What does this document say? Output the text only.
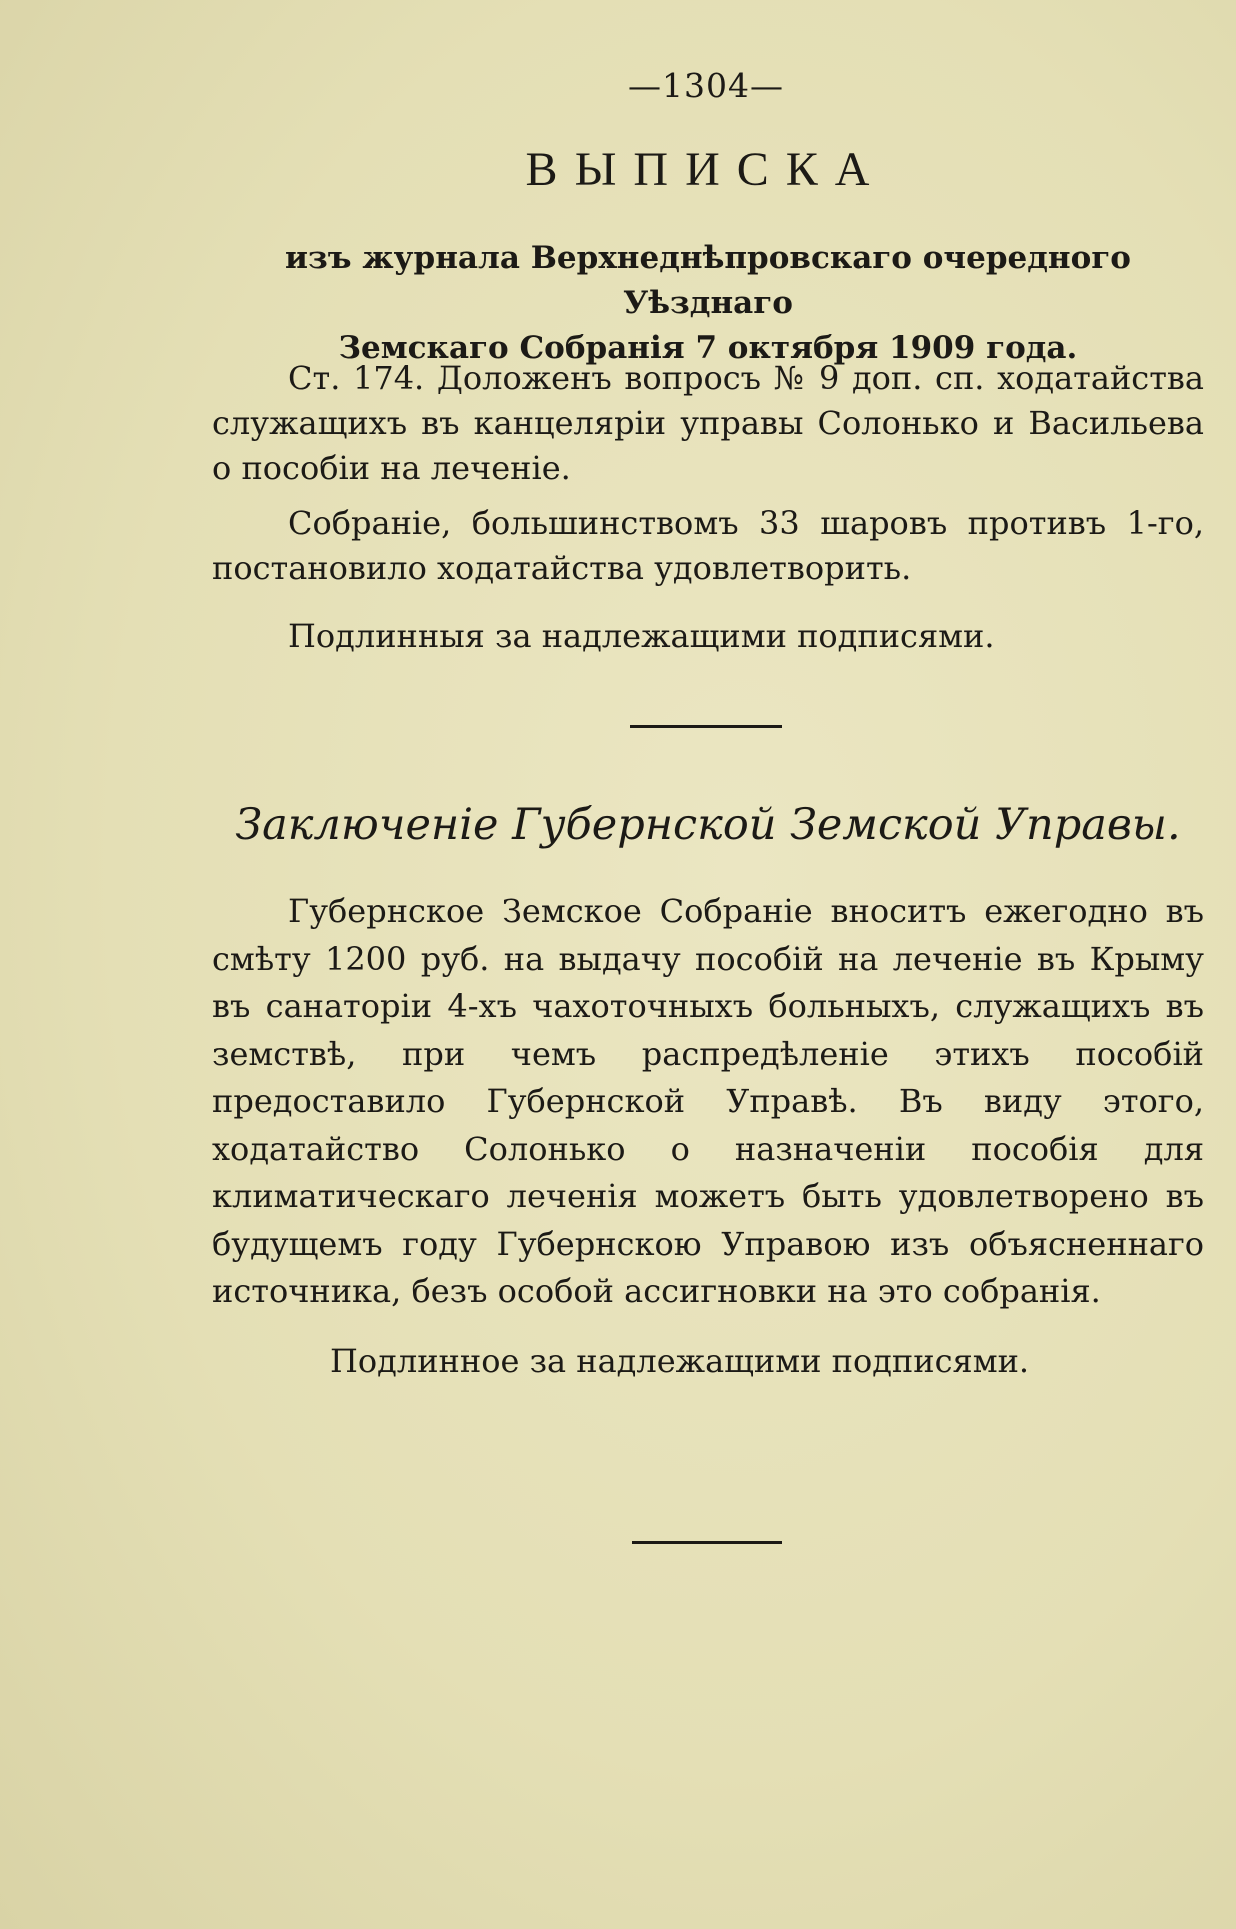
—1304—
ВЫПИСКА
изъ журнала Верхнеднѣпровскаго очередного Уѣзднаго
Земскаго Собранія 7 октября 1909 года.
Ст. 174. Доложенъ вопросъ № 9 доп. сп. ходатайства служащихъ въ канцеляріи управы Солонько и Васильева о пособіи на леченіе.
Собраніе, большинствомъ 33 шаровъ противъ 1-го, постановило ходатайства удовлетворить.
Подлинныя за надлежащими подписями.
Заключеніе Губернской Земской Управы.
Губернское Земское Собраніе вноситъ ежегодно въ смѣту 1200 руб. на выдачу пособій на леченіе въ Крыму въ санаторіи 4-хъ чахоточныхъ больныхъ, служащихъ въ земствѣ, при чемъ распредѣленіе этихъ пособій предоставило Губернской Управѣ. Въ виду этого, ходатайство Солонько о назначеніи пособія для климатическаго леченія можетъ быть удовлетворено въ будущемъ году Губернскою Управою изъ объясненнаго источника, безъ особой ассигновки на это собранія.
Подлинное за надлежащими подписями.
